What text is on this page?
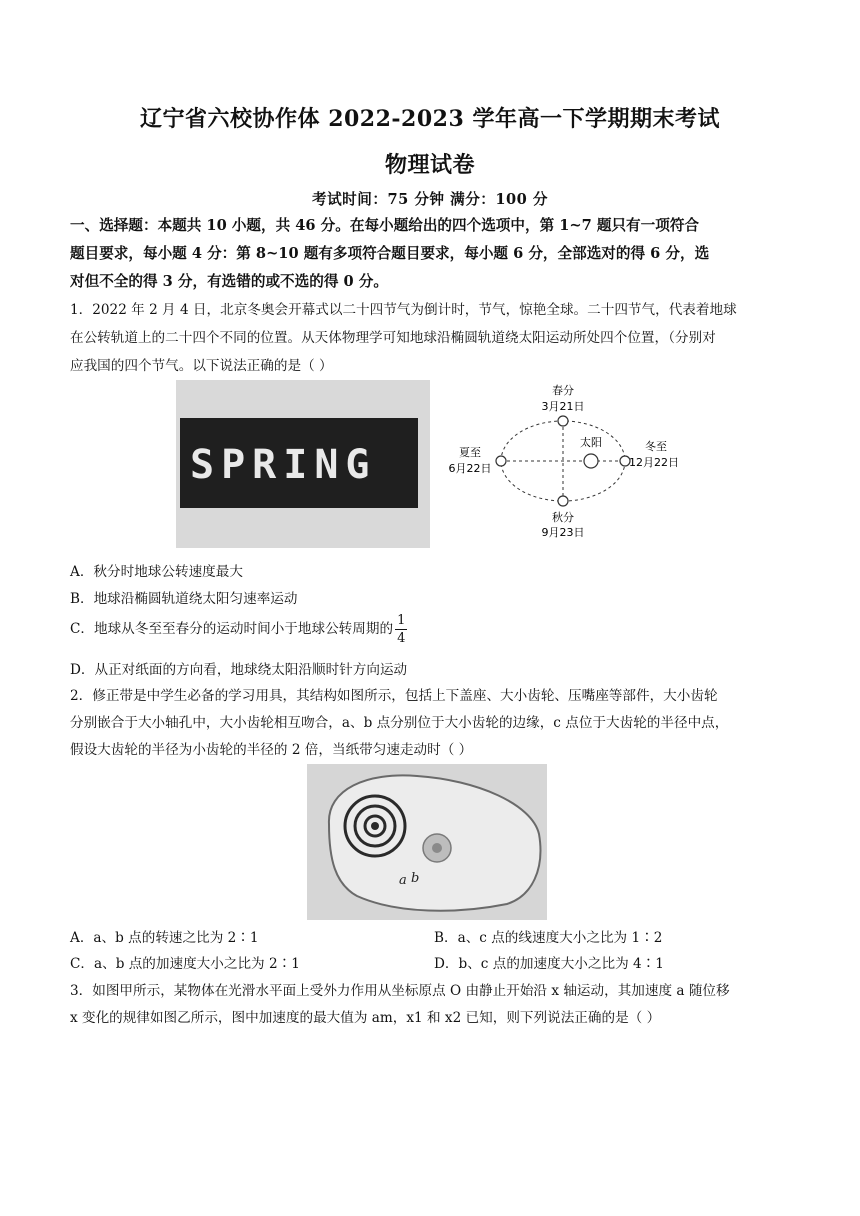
辽宁省六校协作体 2022-2023 学年高一下学期期末考试
物理试卷
考试时间：75 分钟 满分：100 分
一、选择题：本题共 10 小题，共 46 分。在每小题给出的四个选项中，第 1~7 题只有一项符合
题目要求，每小题 4 分：第 8~10 题有多项符合题目要求，每小题 6 分，全部选对的得 6 分，选
对但不全的得 3 分，有选错的或不选的得 0 分。
1．2022 年 2 月 4 日，北京冬奥会开幕式以二十四节气为倒计时，节气，惊艳全球。二十四节气，代表着地球
在公转轨道上的二十四个不同的位置。从天体物理学可知地球沿椭圆轨道绕太阳运动所处四个位置，（分别对
应我国的四个节气。以下说法正确的是（ ）
SPRING
春分
3月21日
夏至
6月22日
冬至
12月22日
秋分
9月23日
太阳
A．秋分时地球公转速度最大
B．地球沿椭圆轨道绕太阳匀速率运动
C．地球从冬至至春分的运动时间小于地球公转周期的 $\frac{1}{4}$
D．从正对纸面的方向看，地球绕太阳沿顺时针方向运动
2．修正带是中学生必备的学习用具，其结构如图所示，包括上下盖座、大小齿轮、压嘴座等部件，大小齿轮
分别嵌合于大小轴孔中，大小齿轮相互吻合，a、b 点分别位于大小齿轮的边缘，c 点位于大齿轮的半径中点，
假设大齿轮的半径为小齿轮的半径的 2 倍，当纸带匀速走动时（ ）
a b
A．a、b 点的转速之比为 2∶1	B．a、c 点的线速度大小之比为 1∶2
C．a、b 点的加速度大小之比为 2∶1	D．b、c 点的加速度大小之比为 4∶1
3．如图甲所示，某物体在光滑水平面上受外力作用从坐标原点 O 由静止开始沿 x 轴运动，其加速度 a 随位移
x 变化的规律如图乙所示，图中加速度的最大值为 am，x1 和 x2 已知，则下列说法正确的是（ ）
